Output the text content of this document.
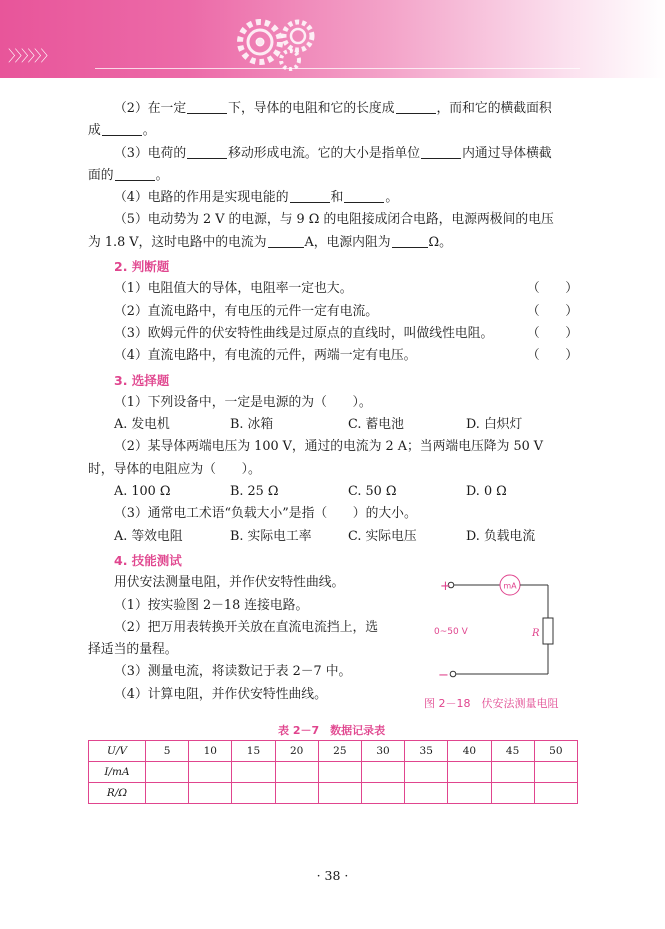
〉〉〉〉〉〉

（2）在一定	下，导体的电阻和它的长度成	，而和它的横截面积

成	。

（3）电荷的	移动形成电流。它的大小是指单位	内通过导体横截

面的	。

（4）电路的作用是实现电能的	和	。

（5）电动势为 2 V 的电源，与 9 Ω 的电阻接成闭合电路，电源两极间的电压

为 1.8 V，这时电路中的电流为	A，电源内阻为	Ω。

2. 判断题

（1）电阻值大的导体，电阻率一定也大。	（　　）

（2）直流电路中，有电压的元件一定有电流。	（　　）

（3）欧姆元件的伏安特性曲线是过原点的直线时，叫做线性电阻。	（　　）

（4）直流电路中，有电流的元件，两端一定有电压。	（　　）

3. 选择题

（1）下列设备中，一定是电源的为（　　）。

A. 发电机	B. 冰箱	C. 蓄电池	D. 白炽灯

（2）某导体两端电压为 100 V，通过的电流为 2 A；当两端电压降为 50 V

时，导体的电阻应为（　　）。

A. 100 Ω	B. 25 Ω	C. 50 Ω	D. 0 Ω

（3）通常电工术语“负载大小”是指（　　）的大小。

A. 等效电阻	B. 实际电工率	C. 实际电压	D. 负载电流

4. 技能测试

用伏安法测量电阻，并作伏安特性曲线。

（1）按实验图 2－18 连接电路。

（2）把万用表转换开关放在直流电流挡上，选

择适当的量程。

（3）测量电流，将读数记于表 2－7 中。

（4）计算电阻，并作伏安特性曲线。

+
−
mA
0~50 V	R
图 2－18　伏安法测量电阻
表 2－7　数据记录表
U/V	5	10	15	20	25	30	35	40	45	50
I/mA										
R/Ω										
· 38 ·
